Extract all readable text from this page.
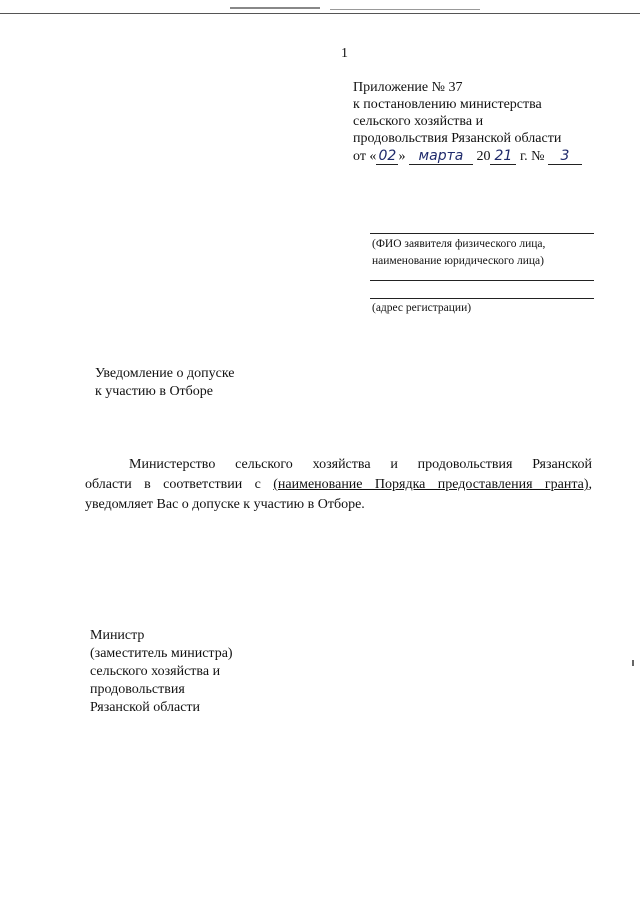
1
Приложение № 37
к постановлению министерства
сельского хозяйства и
продовольствия Рязанской области
от « 02 » марта 20 21 г. № 3
(ФИО заявителя физического лица,
наименование юридического лица)
(адрес регистрации)
Уведомление о допуске
к участию в Отборе
Министерство сельского хозяйства и продовольствия Рязанской
области в соответствии с (наименование Порядка предоставления гранта),
уведомляет Вас о допуске к участию в Отборе.
Министр
(заместитель министра)
сельского хозяйства и
продовольствия
Рязанской области
